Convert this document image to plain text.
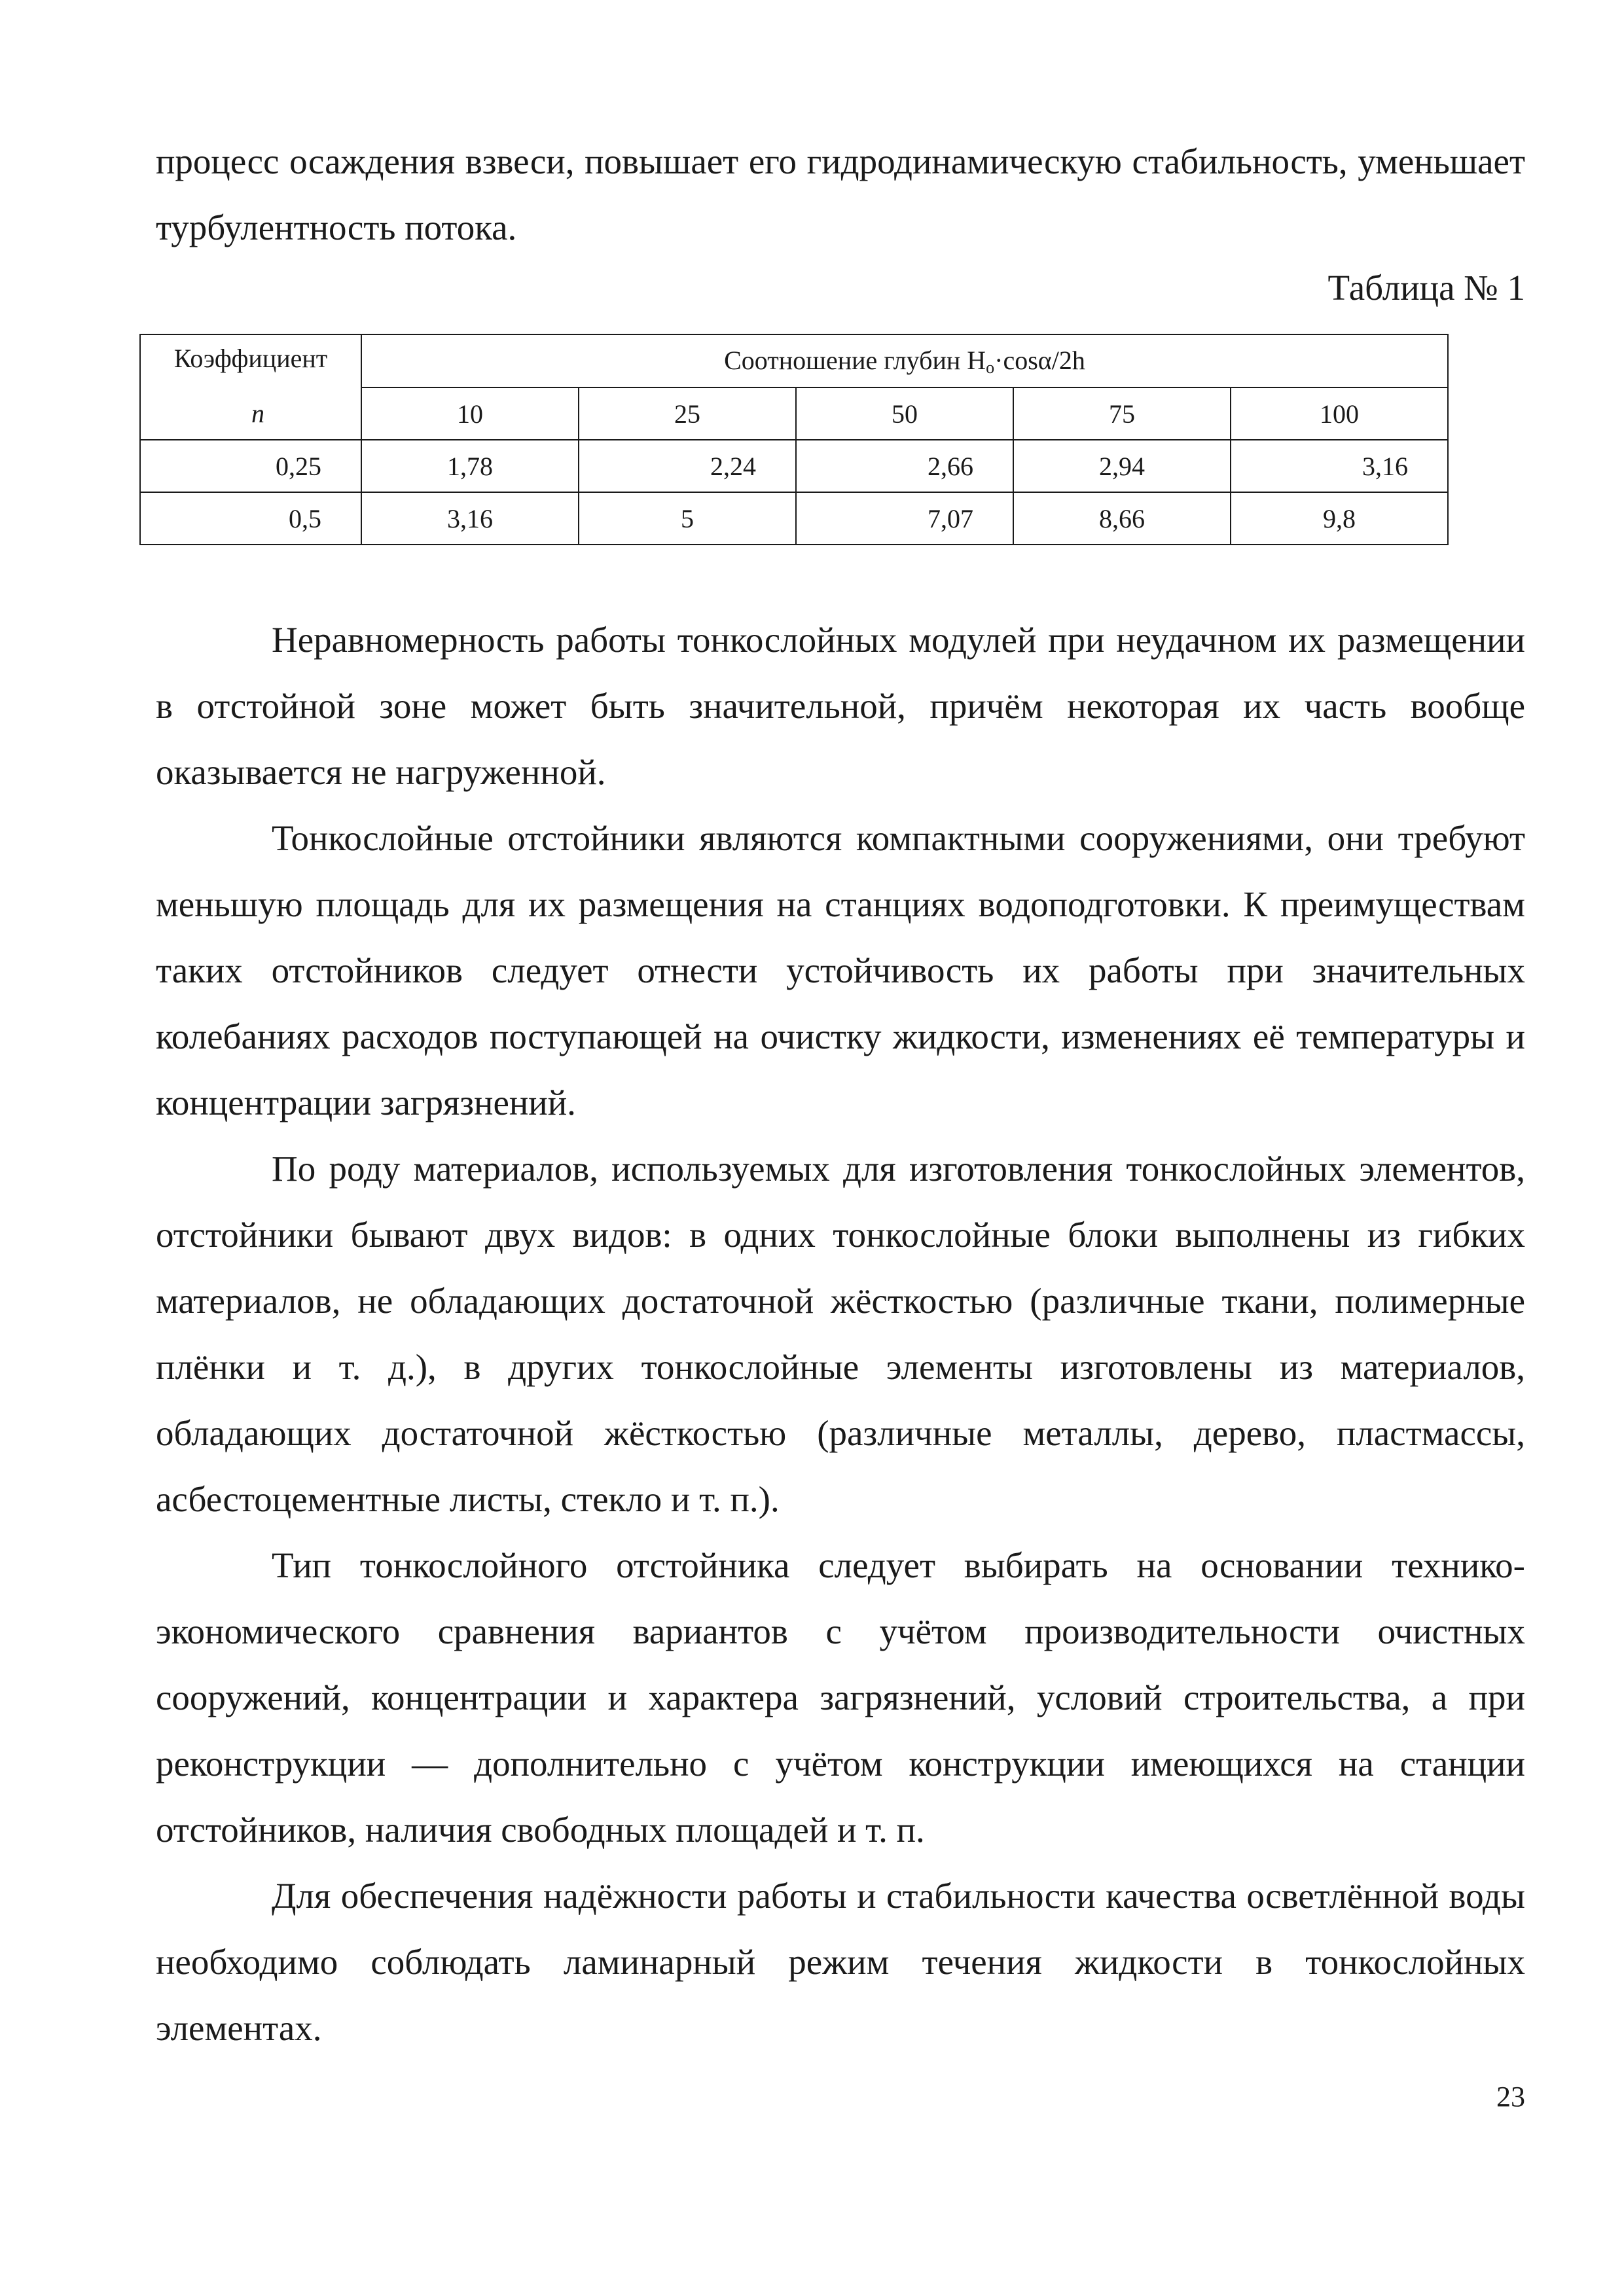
процесс осаждения взвеси, повышает его гидродинамическую стабильность, уменьшает турбулентность потока.

Таблица № 1
Коэффициент	Соотношение глубин $H_o\cdot\cos\alpha/2h$				
n	10	25	50	75	100
0,25	1,78	2,24	2,66	2,94	3,16
0,5	3,16	5	7,07	8,66	9,8

Неравномерность работы тонкослойных модулей при неудачном их размещении в отстойной зоне может быть значительной, причём некоторая их часть вообще оказывается не нагруженной.

Тонкослойные отстойники являются компактными сооружениями, они требуют меньшую площадь для их размещения на станциях водоподготовки. К преимуществам таких отстойников следует отнести устойчивость их работы при значительных колебаниях расходов поступающей на очистку жидкости, изменениях её температуры и концентрации загрязнений.

По роду материалов, используемых для изготовления тонкослойных элементов, отстойники бывают двух видов: в одних тонкослойные блоки выполнены из гибких материалов, не обладающих достаточной жёсткостью (различные ткани, полимерные плёнки и т. д.), в других тонкослойные элементы изготовлены из материалов, обладающих достаточной жёсткостью (различные металлы, дерево, пластмассы, асбестоцементные листы, стекло и т. п.).

Тип тонкослойного отстойника следует выбирать на основании технико-экономического сравнения вариантов с учётом производительности очистных сооружений, концентрации и характера загрязнений, условий строительства, а при реконструкции — дополнительно с учётом конструкции имеющихся на станции отстойников, наличия свободных площадей и т. п.

Для обеспечения надёжности работы и стабильности качества осветлённой воды необходимо соблюдать ламинарный режим течения жидкости в тонкослойных элементах.

23
